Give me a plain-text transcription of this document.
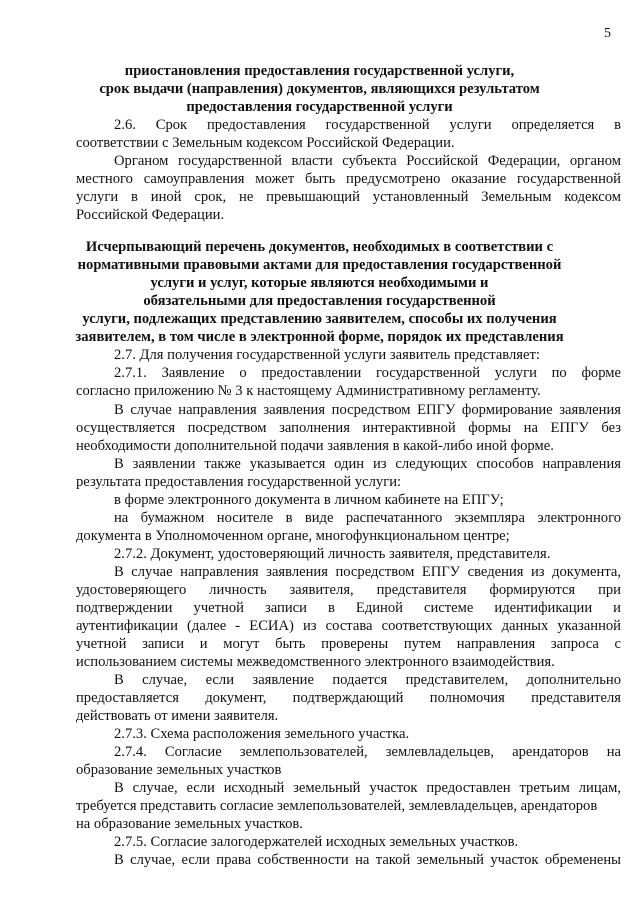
5
приостановления предоставления государственной услуги,
срок выдачи (направления) документов, являющихся результатом
предоставления государственной услуги
2.6. Срок предоставления государственной услуги определяется в
соответствии с Земельным кодексом Российской Федерации.
Органом государственной власти субъекта Российской Федерации, органом
местного самоуправления может быть предусмотрено оказание государственной
услуги в иной срок, не превышающий установленный Земельным кодексом
Российской Федерации.
Исчерпывающий перечень документов, необходимых в соответствии с
нормативными правовыми актами для предоставления государственной
услуги и услуг, которые являются необходимыми и
обязательными для предоставления государственной
услуги, подлежащих представлению заявителем, способы их получения
заявителем, в том числе в электронной форме, порядок их представления
2.7. Для получения государственной услуги заявитель представляет:
2.7.1. Заявление о предоставлении государственной услуги по форме
согласно приложению № 3 к настоящему Административному регламенту.
В случае направления заявления посредством ЕПГУ формирование заявления
осуществляется посредством заполнения интерактивной формы на ЕПГУ без
необходимости дополнительной подачи заявления в какой-либо иной форме.
В заявлении также указывается один из следующих способов направления
результата предоставления государственной услуги:
в форме электронного документа в личном кабинете на ЕПГУ;
на бумажном носителе в виде распечатанного экземпляра электронного
документа в Уполномоченном органе, многофункциональном центре;
2.7.2. Документ, удостоверяющий личность заявителя, представителя.
В случае направления заявления посредством ЕПГУ сведения из документа,
удостоверяющего личность заявителя, представителя формируются при
подтверждении учетной записи в Единой системе идентификации и
аутентификации (далее - ЕСИА) из состава соответствующих данных указанной
учетной записи и могут быть проверены путем направления запроса с
использованием системы межведомственного электронного взаимодействия.
В случае, если заявление подается представителем, дополнительно
предоставляется документ, подтверждающий полномочия представителя
действовать от имени заявителя.
2.7.3. Схема расположения земельного участка.
2.7.4. Согласие землепользователей, землевладельцев, арендаторов на
образование земельных участков
В случае, если исходный земельный участок предоставлен третьим лицам,
требуется представить согласие землепользователей, землевладельцев, арендаторов
на образование земельных участков.
2.7.5. Согласие залогодержателей исходных земельных участков.
В случае, если права собственности на такой земельный участок обременены
